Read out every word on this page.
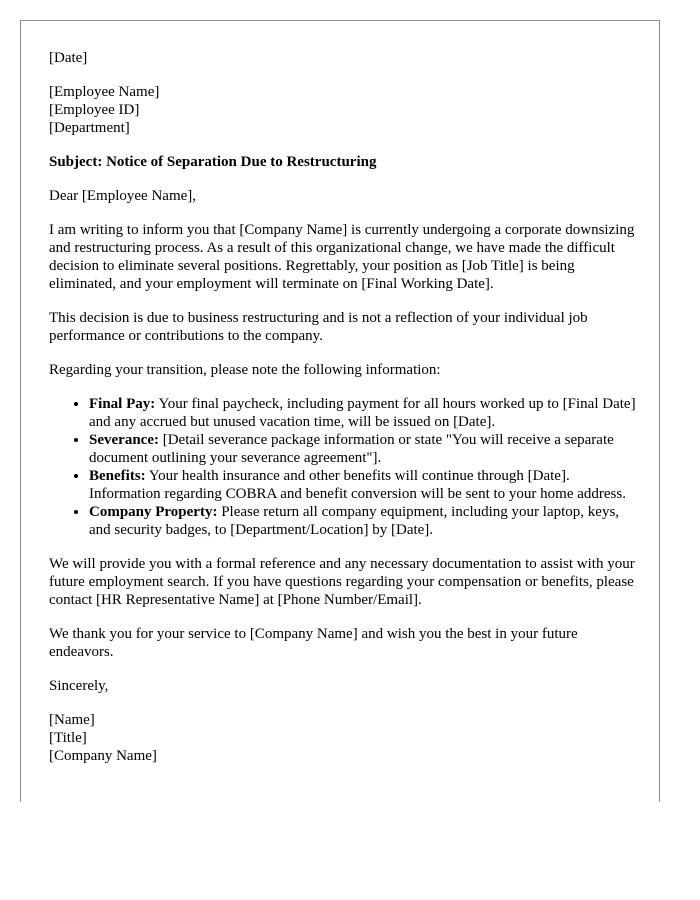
[Date]

[Employee Name]
[Employee ID]
[Department]

Subject: Notice of Separation Due to Restructuring

Dear [Employee Name],

I am writing to inform you that [Company Name] is currently undergoing a corporate downsizing and restructuring process. As a result of this organizational change, we have made the difficult decision to eliminate several positions. Regrettably, your position as [Job Title] is being eliminated, and your employment will terminate on [Final Working Date].

This decision is due to business restructuring and is not a reflection of your individual job performance or contributions to the company.

Regarding your transition, please note the following information:

• Final Pay: Your final paycheck, including payment for all hours worked up to [Final Date] and any accrued but unused vacation time, will be issued on [Date].
• Severance: [Detail severance package information or state "You will receive a separate document outlining your severance agreement"].
• Benefits: Your health insurance and other benefits will continue through [Date]. Information regarding COBRA and benefit conversion will be sent to your home address.
• Company Property: Please return all company equipment, including your laptop, keys, and security badges, to [Department/Location] by [Date].

We will provide you with a formal reference and any necessary documentation to assist with your future employment search. If you have questions regarding your compensation or benefits, please contact [HR Representative Name] at [Phone Number/Email].

We thank you for your service to [Company Name] and wish you the best in your future endeavors.

Sincerely,

[Name]
[Title]
[Company Name]
